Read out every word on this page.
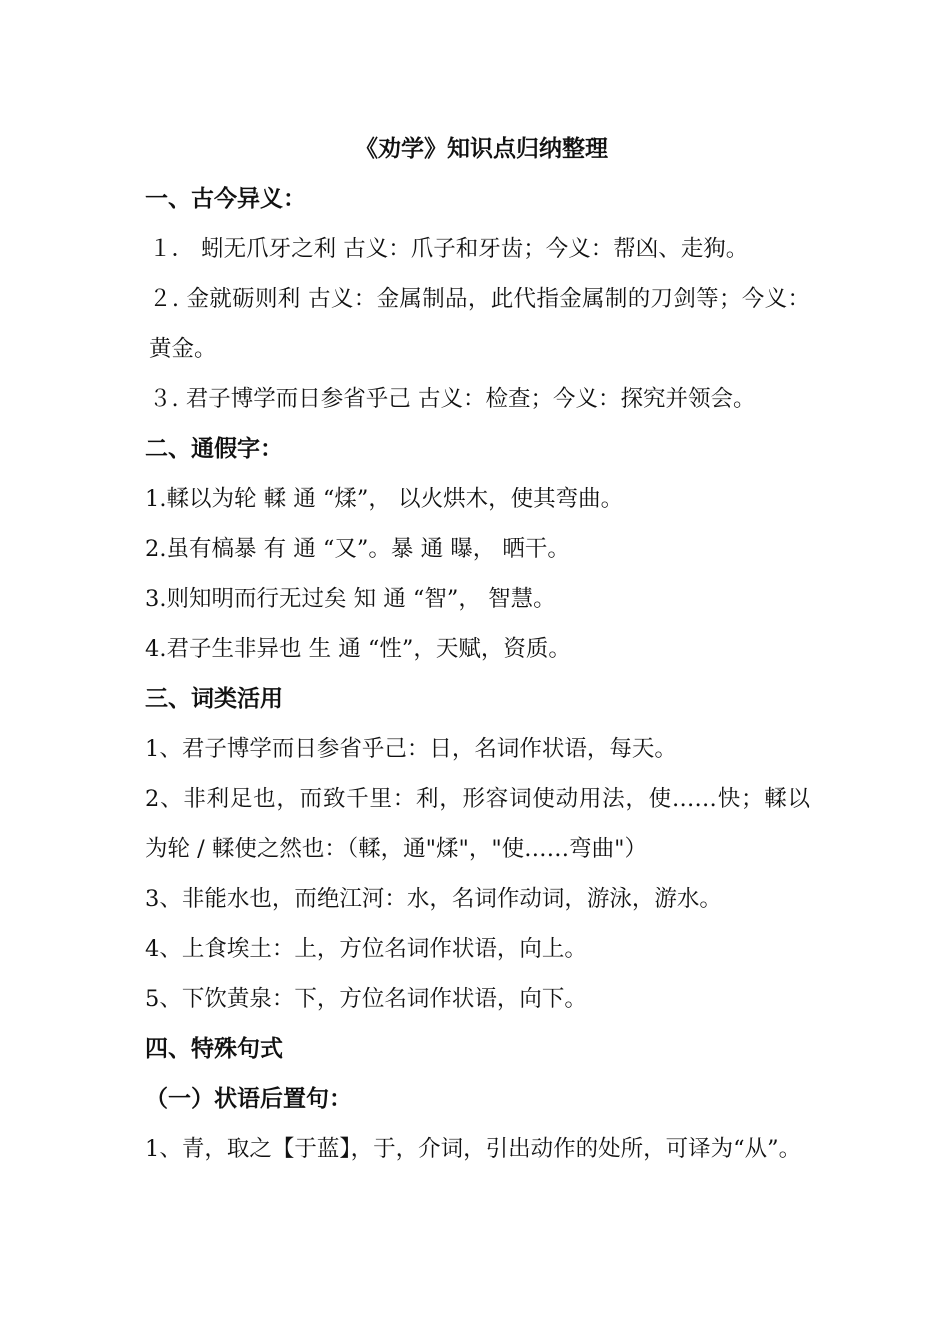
《劝学》知识点归纳整理
一、古今异义：

１． 蚓无爪牙之利 古义：爪子和牙齿；今义：帮凶、走狗。

２. 金就砺则利 古义：金属制品，此代指金属制的刀剑等；今义：黄金。

３. 君子博学而日参省乎己 古义：检查；今义：探究并领会。

二、通假字：

1.輮以为轮 輮 通 “煣”， 以火烘木，使其弯曲。

2.虽有槁暴 有 通 “又”。暴 通 曝， 晒干。

3.则知明而行无过矣 知 通 “智”， 智慧。

4.君子生非异也 生 通 “性”，天赋，资质。

三、词类活用

1、君子博学而日参省乎己：日，名词作状语，每天。

2、非利足也，而致千里：利，形容词使动用法，使……快；輮以为轮 / 輮使之然也：（輮，通"煣"，"使……弯曲"）

3、非能水也，而绝江河：水，名词作动词，游泳，游水。

4、上食埃土：上，方位名词作状语，向上。

5、下饮黄泉：下，方位名词作状语，向下。

四、特殊句式
（一）状语后置句：

1、青，取之【于蓝】，于，介词，引出动作的处所，可译为“从”。
